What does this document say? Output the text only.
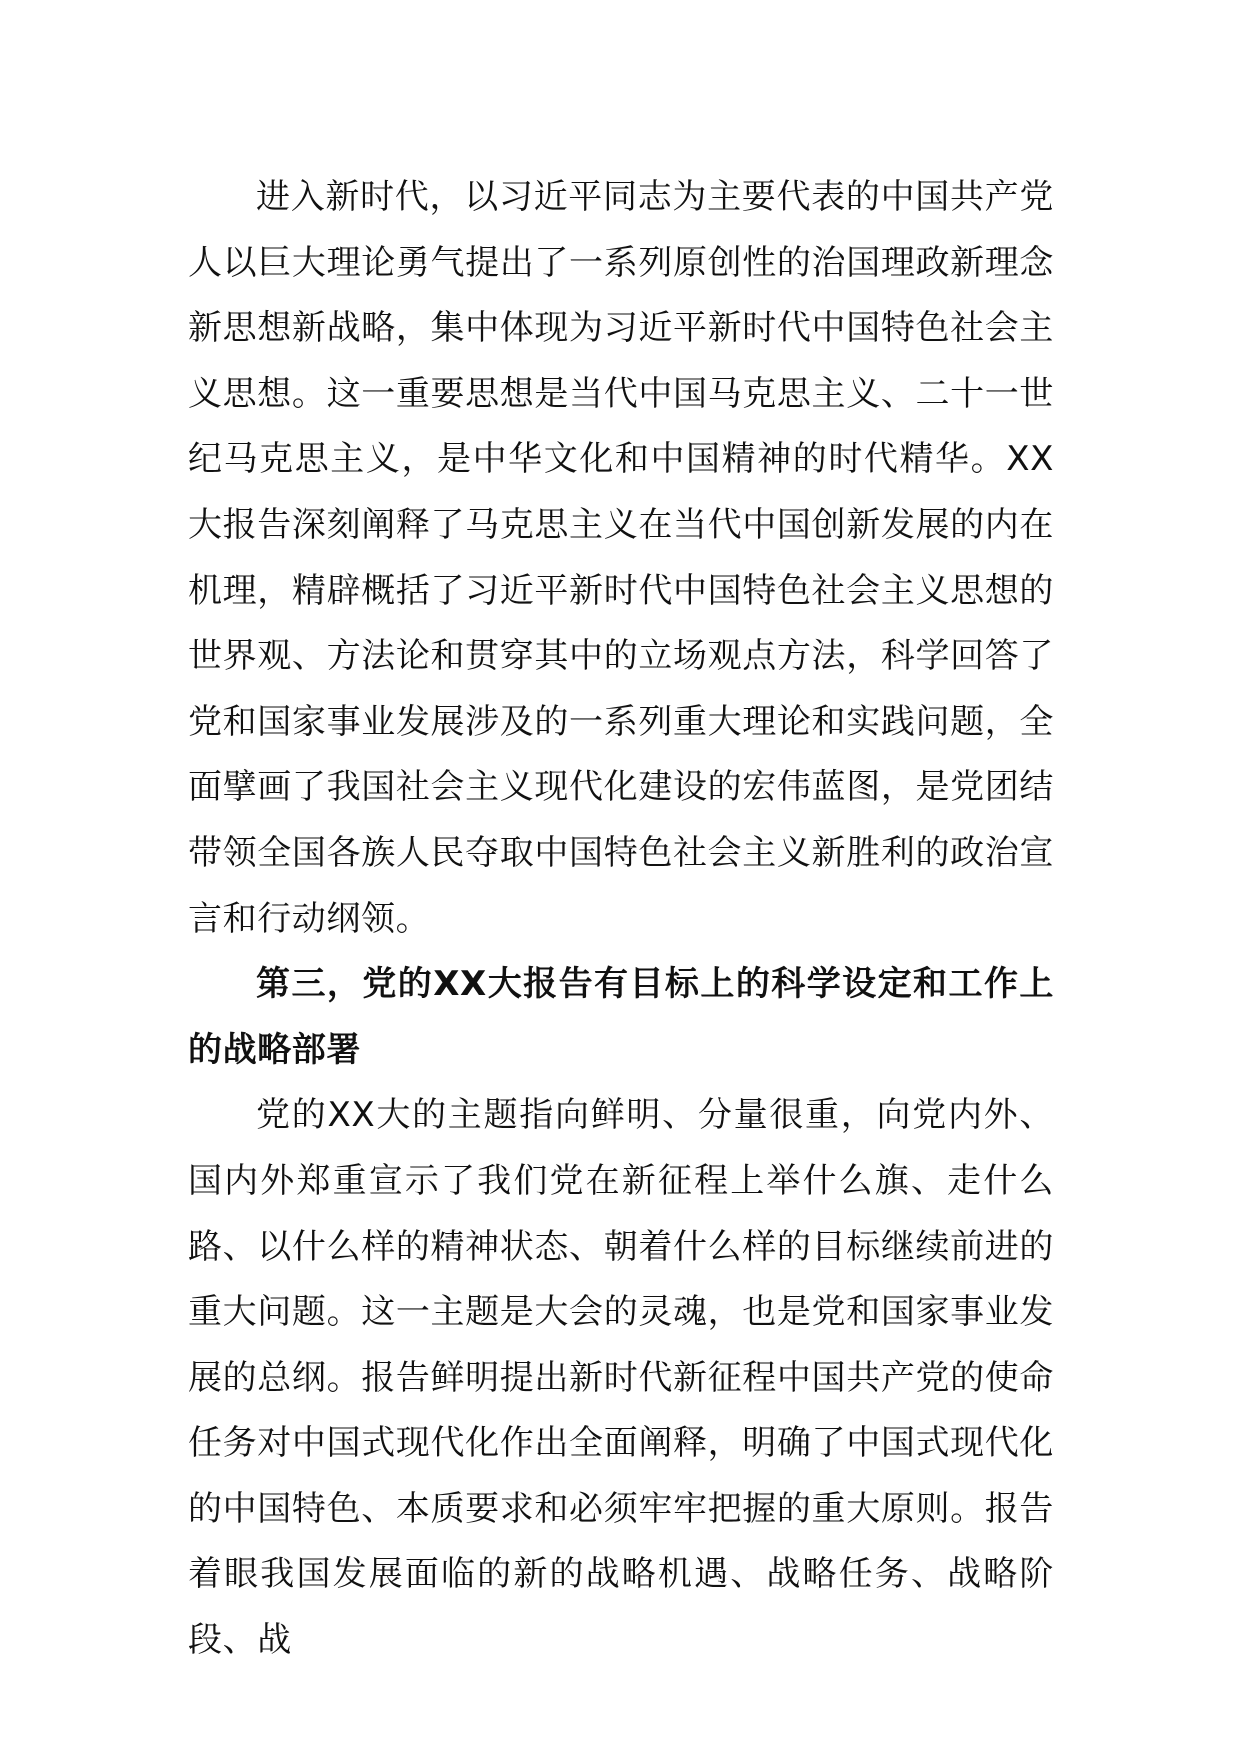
进入新时代，以习近平同志为主要代表的中国共产党人以巨大理论勇气提出了一系列原创性的治国理政新理念新思想新战略，集中体现为习近平新时代中国特色社会主义思想。这一重要思想是当代中国马克思主义、二十一世纪马克思主义，是中华文化和中国精神的时代精华。XX大报告深刻阐释了马克思主义在当代中国创新发展的内在机理，精辟概括了习近平新时代中国特色社会主义思想的世界观、方法论和贯穿其中的立场观点方法，科学回答了党和国家事业发展涉及的一系列重大理论和实践问题，全面擘画了我国社会主义现代化建设的宏伟蓝图，是党团结带领全国各族人民夺取中国特色社会主义新胜利的政治宣言和行动纲领。

第三，党的XX大报告有目标上的科学设定和工作上的战略部署

党的XX大的主题指向鲜明、分量很重，向党内外、国内外郑重宣示了我们党在新征程上举什么旗、走什么路、以什么样的精神状态、朝着什么样的目标继续前进的重大问题。这一主题是大会的灵魂，也是党和国家事业发展的总纲。报告鲜明提出新时代新征程中国共产党的使命任务对中国式现代化作出全面阐释，明确了中国式现代化的中国特色、本质要求和必须牢牢把握的重大原则。报告着眼我国发展面临的新的战略机遇、战略任务、战略阶段、战
